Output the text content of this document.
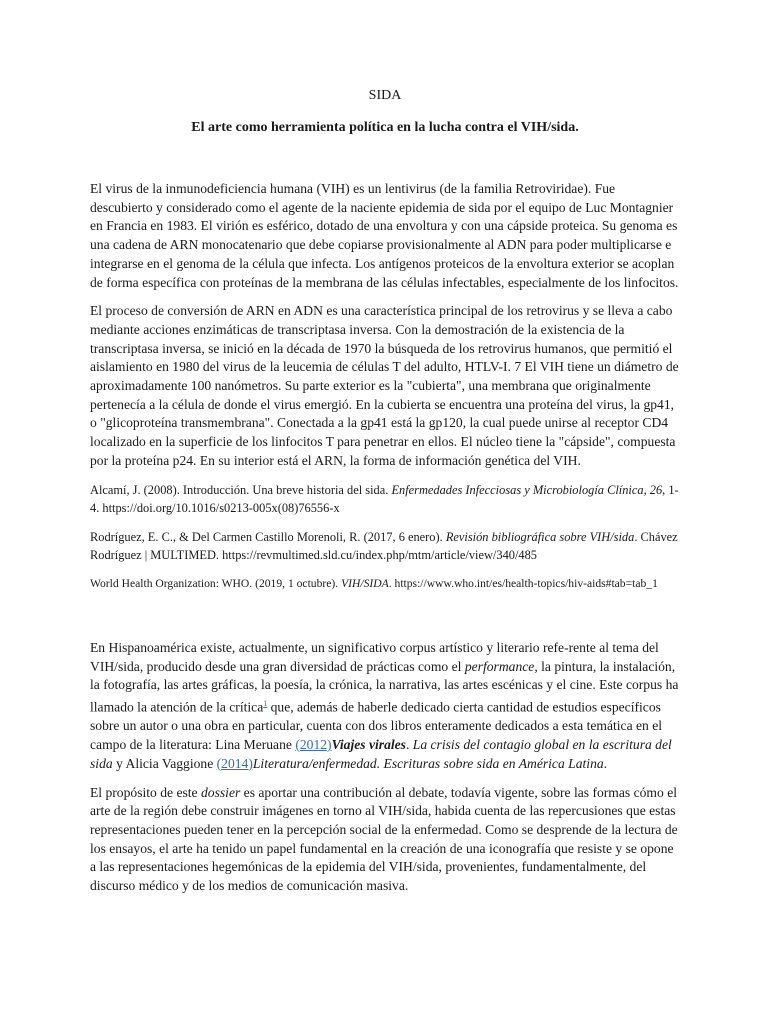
SIDA

El arte como herramienta política en la lucha contra el VIH/sida.

El virus de la inmunodeficiencia humana (VIH) es un lentivirus (de la familia Retroviridae). Fue descubierto y considerado como el agente de la naciente epidemia de sida por el equipo de Luc Montagnier en Francia en 1983. El virión es esférico, dotado de una envoltura y con una cápside proteica. Su genoma es una cadena de ARN monocatenario que debe copiarse provisionalmente al ADN para poder multiplicarse e integrarse en el genoma de la célula que infecta. Los antígenos proteicos de la envoltura exterior se acoplan de forma específica con proteínas de la membrana de las células infectables, especialmente de los linfocitos.

El proceso de conversión de ARN en ADN es una característica principal de los retrovirus y se lleva a cabo mediante acciones enzimáticas de transcriptasa inversa. Con la demostración de la existencia de la transcriptasa inversa, se inició en la década de 1970 la búsqueda de los retrovirus humanos, que permitió el aislamiento en 1980 del virus de la leucemia de células T del adulto, HTLV-I. 7 El VIH tiene un diámetro de aproximadamente 100 nanómetros. Su parte exterior es la "cubierta", una membrana que originalmente pertenecía a la célula de donde el virus emergió. En la cubierta se encuentra una proteína del virus, la gp41, o "glicoproteína transmembrana". Conectada a la gp41 está la gp120, la cual puede unirse al receptor CD4 localizado en la superficie de los linfocitos T para penetrar en ellos. El núcleo tiene la "cápside", compuesta por la proteína p24. En su interior está el ARN, la forma de información genética del VIH.

Alcamí, J. (2008). Introducción. Una breve historia del sida. Enfermedades Infecciosas y Microbiología Clínica, 26, 1-4. https://doi.org/10.1016/s0213-005x(08)76556-x

Rodríguez, E. C., & Del Carmen Castillo Morenoli, R. (2017, 6 enero). Revisión bibliográfica sobre VIH/sida. Chávez Rodríguez | MULTIMED. https://revmultimed.sld.cu/index.php/mtm/article/view/340/485

World Health Organization: WHO. (2019, 1 octubre). VIH/SIDA. https://www.who.int/es/health-topics/hiv-aids#tab=tab_1

En Hispanoamérica existe, actualmente, un significativo corpus artístico y literario refe-rente al tema del VIH/sida, producido desde una gran diversidad de prácticas como el performance, la pintura, la instalación, la fotografía, las artes gráficas, la poesía, la crónica, la narrativa, las artes escénicas y el cine. Este corpus ha llamado la atención de la crítica$^1$ que, además de haberle dedicado cierta cantidad de estudios específicos sobre un autor o una obra en particular, cuenta con dos libros enteramente dedicados a esta temática en el campo de la literatura: Lina Meruane (2012)Viajes virales. La crisis del contagio global en la escritura del sida y Alicia Vaggione (2014)Literatura/enfermedad. Escrituras sobre sida en América Latina.

El propósito de este dossier es aportar una contribución al debate, todavía vigente, sobre las formas cómo el arte de la región debe construir imágenes en torno al VIH/sida, habida cuenta de las repercusiones que estas representaciones pueden tener en la percepción social de la enfermedad. Como se desprende de la lectura de los ensayos, el arte ha tenido un papel fundamental en la creación de una iconografía que resiste y se opone a las representaciones hegemónicas de la epidemia del VIH/sida, provenientes, fundamentalmente, del discurso médico y de los medios de comunicación masiva.
